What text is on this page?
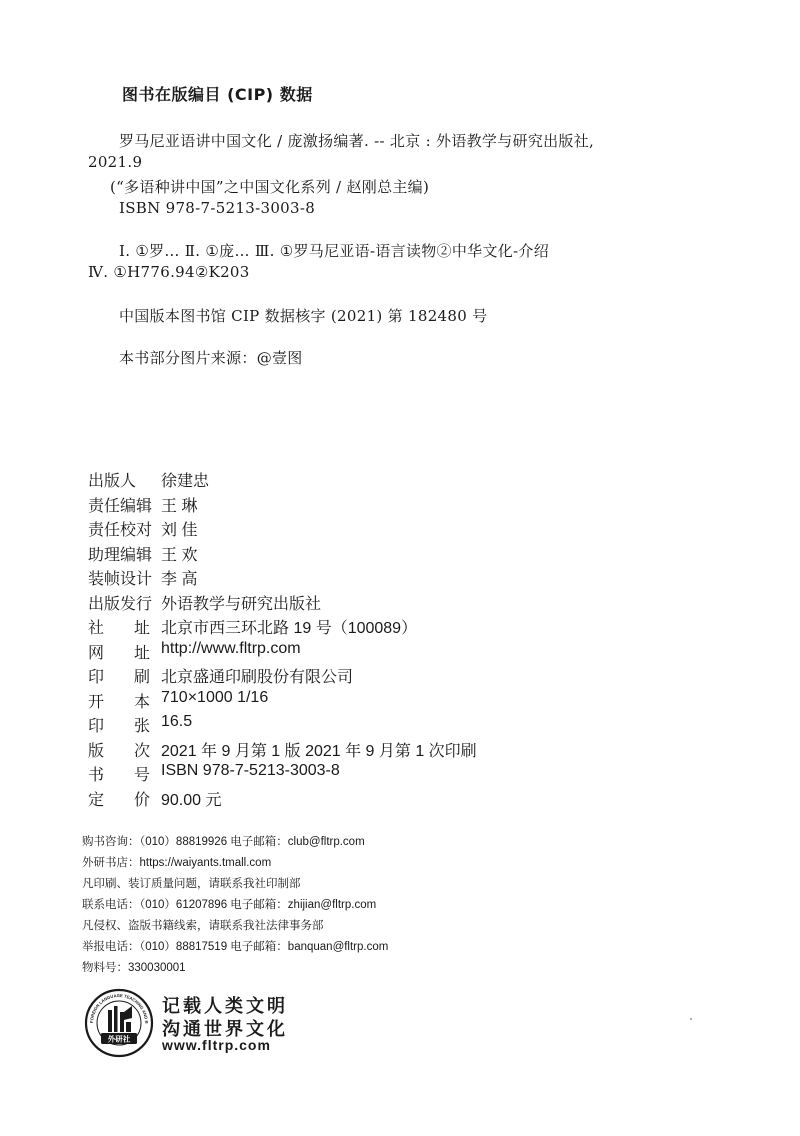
图书在版编目 (CIP) 数据
罗马尼亚语讲中国文化 / 庞激扬编著. -- 北京 : 外语教学与研究出版社,
2021.9
(“多语种讲中国”之中国文化系列 / 赵刚总主编)
ISBN 978-7-5213-3003-8
Ⅰ. ①罗… Ⅱ. ①庞… Ⅲ. ①罗马尼亚语-语言读物②中华文化-介绍
Ⅳ. ①H776.94②K203
中国版本图书馆 CIP 数据核字 (2021) 第 182480 号
本书部分图片来源：@壹图
出版人 徐建忠
责任编辑 王 琳
责任校对 刘 佳
助理编辑 王 欢
装帧设计 李 高
出版发行 外语教学与研究出版社
社 址 北京市西三环北路 19 号（100089）
网 址 http://www.fltrp.com
印 刷 北京盛通印刷股份有限公司
开 本 710×1000 1/16
印 张 16.5
版 次 2021 年 9 月第 1 版 2021 年 9 月第 1 次印刷
书 号 ISBN 978-7-5213-3003-8
定 价 90.00 元
购书咨询：（010）88819926 电子邮箱：club@fltrp.com
外研书店：https://waiyants.tmall.com
凡印刷、装订质量问题，请联系我社印制部
联系电话：（010）61207896 电子邮箱：zhijian@fltrp.com
凡侵权、盗版书籍线索，请联系我社法律事务部
举报电话：（010）88817519 电子邮箱：banquan@fltrp.com
物料号：330030001
FOREIGN LANGUAGE TEACHING AND R
外研社
记载人类文明
沟通世界文化
www.fltrp.com
